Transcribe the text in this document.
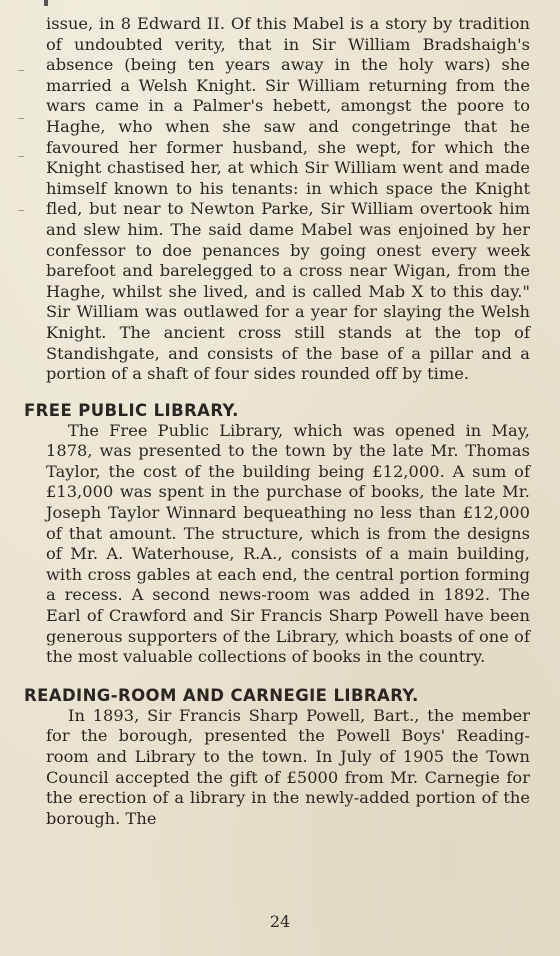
issue, in 8 Edward II. Of this Mabel is a story by tradition of undoubted verity, that in Sir William Bradshaigh's absence (being ten years away in the holy wars) she married a Welsh Knight. Sir William returning from the wars came in a Palmer's hebett, amongst the poore to Haghe, who when she saw and congetringe that he favoured her former husband, she wept, for which the Knight chastised her, at which Sir William went and made himself known to his tenants: in which space the Knight fled, but near to Newton Parke, Sir William overtook him and slew him. The said dame Mabel was enjoined by her confessor to doe penances by going onest every week barefoot and barelegged to a cross near Wigan, from the Haghe, whilst she lived, and is called Mab X to this day." Sir William was outlawed for a year for slaying the Welsh Knight. The ancient cross still stands at the top of Standishgate, and consists of the base of a pillar and a portion of a shaft of four sides rounded off by time.

FREE PUBLIC LIBRARY.

The Free Public Library, which was opened in May, 1878, was presented to the town by the late Mr. Thomas Taylor, the cost of the building being £12,000. A sum of £13,000 was spent in the purchase of books, the late Mr. Joseph Taylor Winnard bequeathing no less than £12,000 of that amount. The structure, which is from the designs of Mr. A. Waterhouse, R.A., consists of a main building, with cross gables at each end, the central portion forming a recess. A second news-room was added in 1892. The Earl of Crawford and Sir Francis Sharp Powell have been generous supporters of the Library, which boasts of one of the most valuable collections of books in the country.

READING-ROOM AND CARNEGIE LIBRARY.

In 1893, Sir Francis Sharp Powell, Bart., the member for the borough, presented the Powell Boys' Reading-room and Library to the town. In July of 1905 the Town Council accepted the gift of £5000 from Mr. Carnegie for the erection of a library in the newly-added portion of the borough. The

24
